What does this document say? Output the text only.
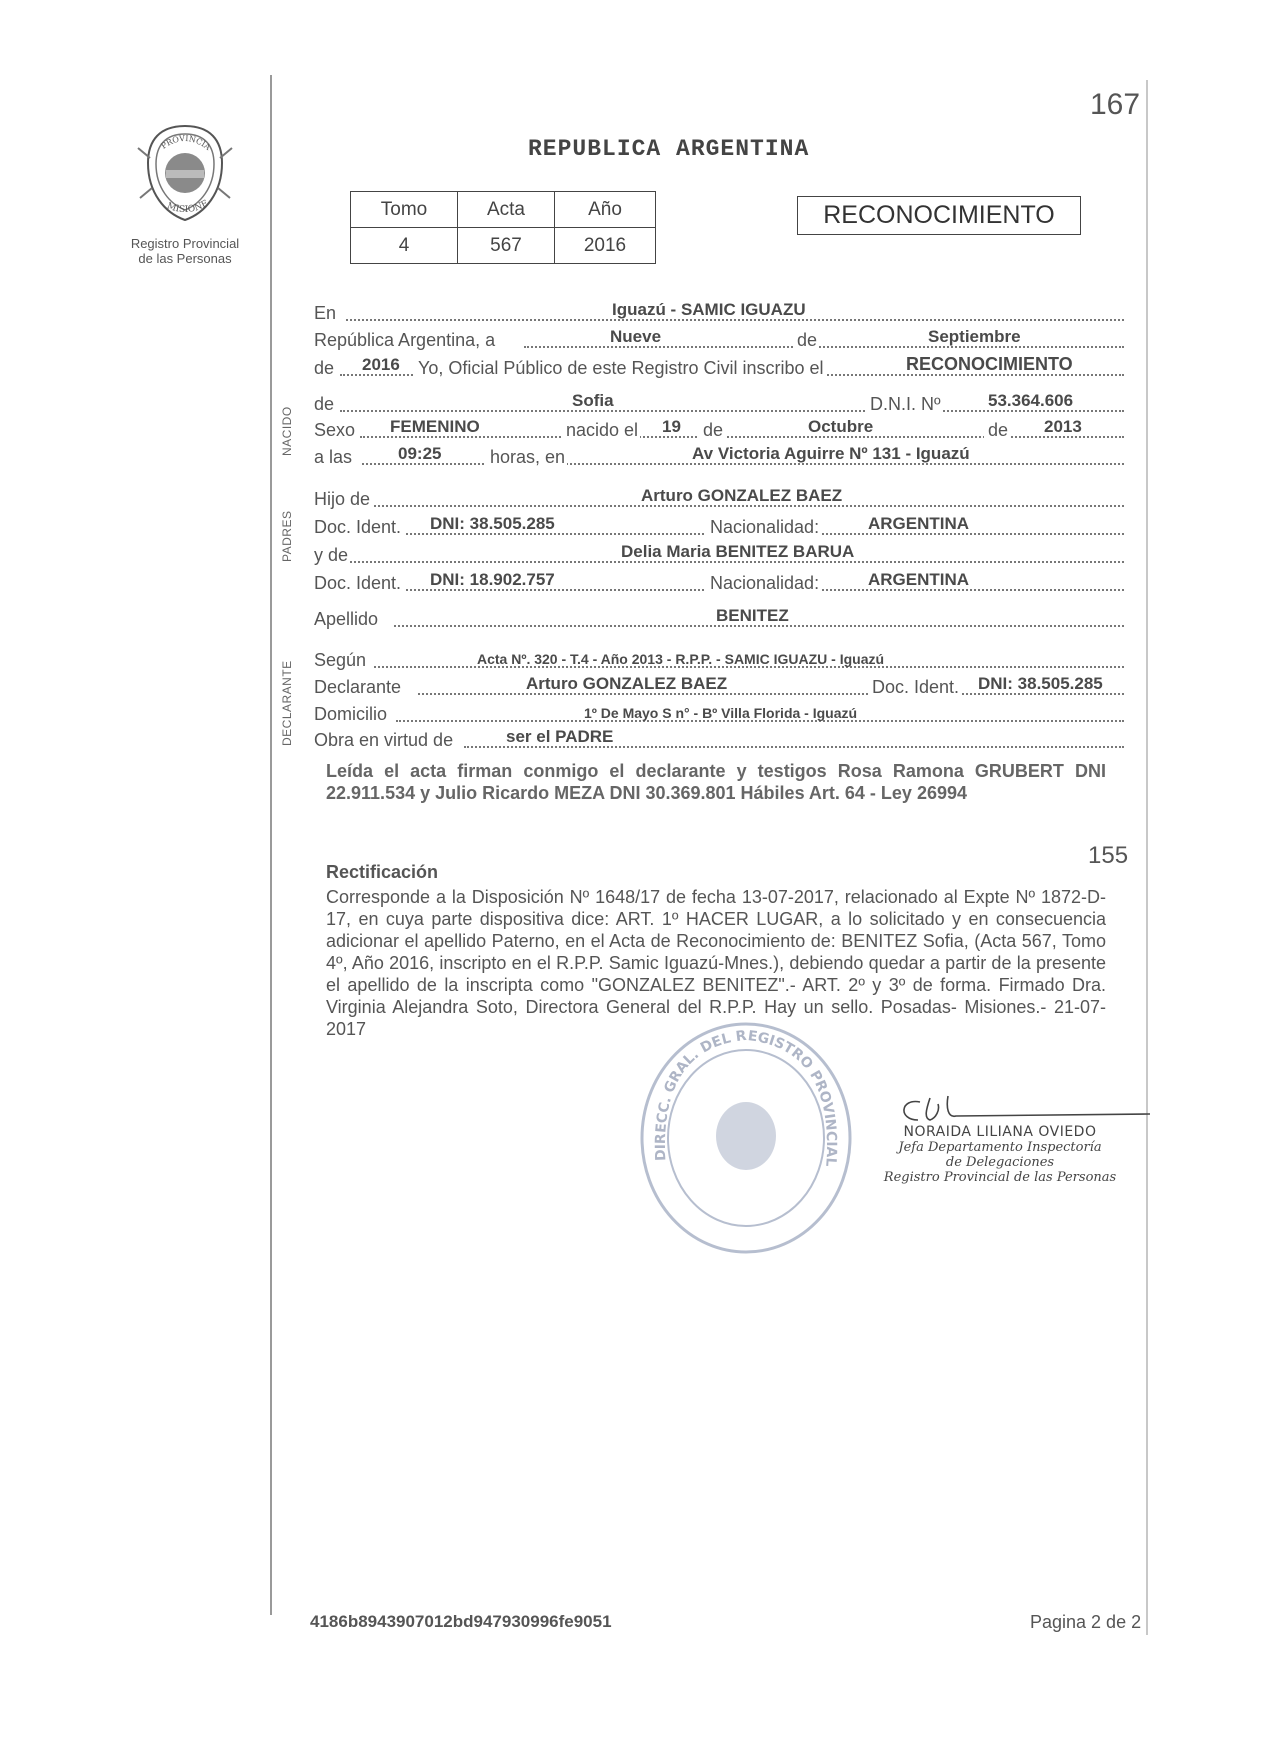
PROVINCIA
MISIONE
Registro Provincial
de las Personas
167
REPUBLICA ARGENTINA
Tomo	Acta	Año
4	567	2016
RECONOCIMIENTO
NACIDO
PADRES
DECLARANTE
En	Iguazú - SAMIC IGUAZU
República Argentina, a	Nueve	de	Septiembre
de 2016 Yo, Oficial Público de este Registro Civil inscribo el	RECONOCIMIENTO
de	Sofia	D.N.I. Nº	53.364.606
Sexo FEMENINO	nacido el 19 de	Octubre	de 2013
a las	09:25	horas, en	Av Victoria Aguirre Nº 131 - Iguazú
Hijo de	Arturo GONZALEZ BAEZ
Doc. Ident. DNI: 38.505.285	Nacionalidad:	ARGENTINA
y de	Delia Maria BENITEZ BARUA
Doc. Ident. DNI: 18.902.757	Nacionalidad:	ARGENTINA
Apellido	BENITEZ
Según	Acta Nº. 320 - T.4 - Año 2013 - R.P.P. - SAMIC IGUAZU - Iguazú
Declarante	Arturo GONZALEZ BAEZ	Doc. Ident. DNI: 38.505.285
Domicilio	1º De Mayo S n° - Bº Villa Florida - Iguazú
Obra en virtud de	ser el PADRE
Leída el acta firman conmigo el declarante y testigos Rosa Ramona GRUBERT DNI 22.911.534 y Julio Ricardo MEZA DNI 30.369.801 Hábiles Art. 64 - Ley 26994
155
Rectificación
Corresponde a la Disposición Nº 1648/17 de fecha 13-07-2017, relacionado al Expte Nº 1872-D-17, en cuya parte dispositiva dice: ART. 1º HACER LUGAR, a lo solicitado y en consecuencia adicionar el apellido Paterno, en el Acta de Reconocimiento de: BENITEZ Sofia, (Acta 567, Tomo 4º, Año 2016, inscripto en el R.P.P. Samic Iguazú-Mnes.), debiendo quedar a partir de la presente el apellido de la inscripta como "GONZALEZ BENITEZ".- ART. 2º y 3º de forma. Firmado Dra. Virginia Alejandra Soto, Directora General del R.P.P. Hay un sello. Posadas- Misiones.- 21-07-2017
DIRECC. GRAL. DEL REGISTRO PROVINCIAL
NORAIDA LILIANA OVIEDO
Jefa Departamento Inspectoría
de Delegaciones
Registro Provincial de las Personas
4186b8943907012bd947930996fe9051	Pagina 2 de 2
